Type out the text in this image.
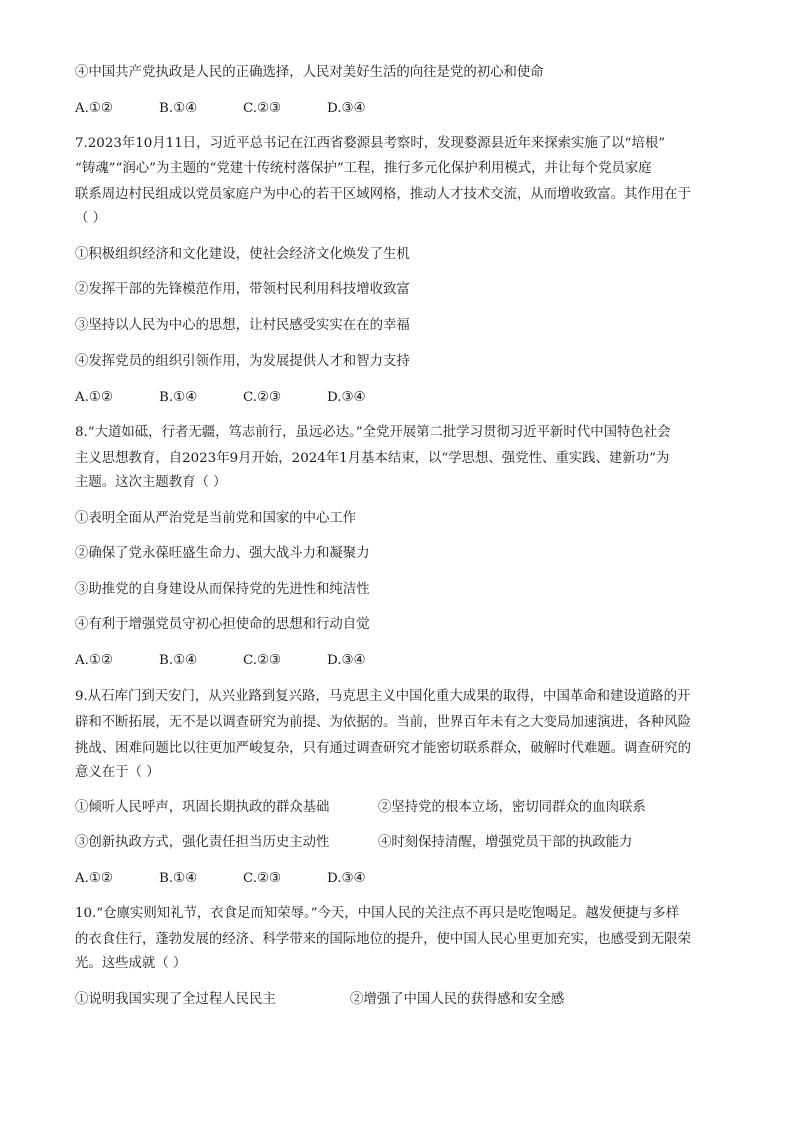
④中国共产党执政是人民的正确选择，人民对美好生活的向往是党的初心和使命
A.①②	B.①④	C.②③	D.③④
7.2023年10月11日，习近平总书记在江西省婺源县考察时，发现婺源县近年来探索实施了以“培根”
“铸魂”“润心”为主题的“党建十传统村落保护”工程，推行多元化保护利用模式，并让每个党员家庭
联系周边村民组成以党员家庭户为中心的若干区域网格，推动人才技术交流，从而增收致富。其作用在于
（ ）
①积极组织经济和文化建设，使社会经济文化焕发了生机
②发挥干部的先锋模范作用，带领村民利用科技增收致富
③坚持以人民为中心的思想，让村民感受实实在在的幸福
④发挥党员的组织引领作用，为发展提供人才和智力支持
A.①②	B.①④	C.②③	D.③④
8.“大道如砥，行者无疆，笃志前行，虽远必达。”全党开展第二批学习贯彻习近平新时代中国特色社会
主义思想教育，自2023年9月开始，2024年1月基本结束，以“学思想、强党性、重实践、建新功”为
主题。这次主题教育（ ）
①表明全面从严治党是当前党和国家的中心工作
②确保了党永葆旺盛生命力、强大战斗力和凝聚力
③助推党的自身建设从而保持党的先进性和纯洁性
④有利于增强党员守初心担使命的思想和行动自觉
A.①②	B.①④	C.②③	D.③④
9.从石库门到天安门，从兴业路到复兴路，马克思主义中国化重大成果的取得，中国革命和建设道路的开
辟和不断拓展，无不是以调查研究为前提、为依据的。当前，世界百年未有之大变局加速演进，各种风险
挑战、困难问题比以往更加严峻复杂，只有通过调查研究才能密切联系群众，破解时代难题。调查研究的
意义在于（ ）
①倾听人民呼声，巩固长期执政的群众基础	②坚持党的根本立场，密切同群众的血肉联系
③创新执政方式，强化责任担当历史主动性	④时刻保持清醒，增强党员干部的执政能力
A.①②	B.①④	C.②③	D.③④
10.“仓廪实则知礼节，衣食足而知荣辱。”今天，中国人民的关注点不再只是吃饱喝足。越发便捷与多样
的衣食住行，蓬勃发展的经济、科学带来的国际地位的提升，使中国人民心里更加充实，也感受到无限荣
光。这些成就（ ）
①说明我国实现了全过程人民民主	②增强了中国人民的获得感和安全感
